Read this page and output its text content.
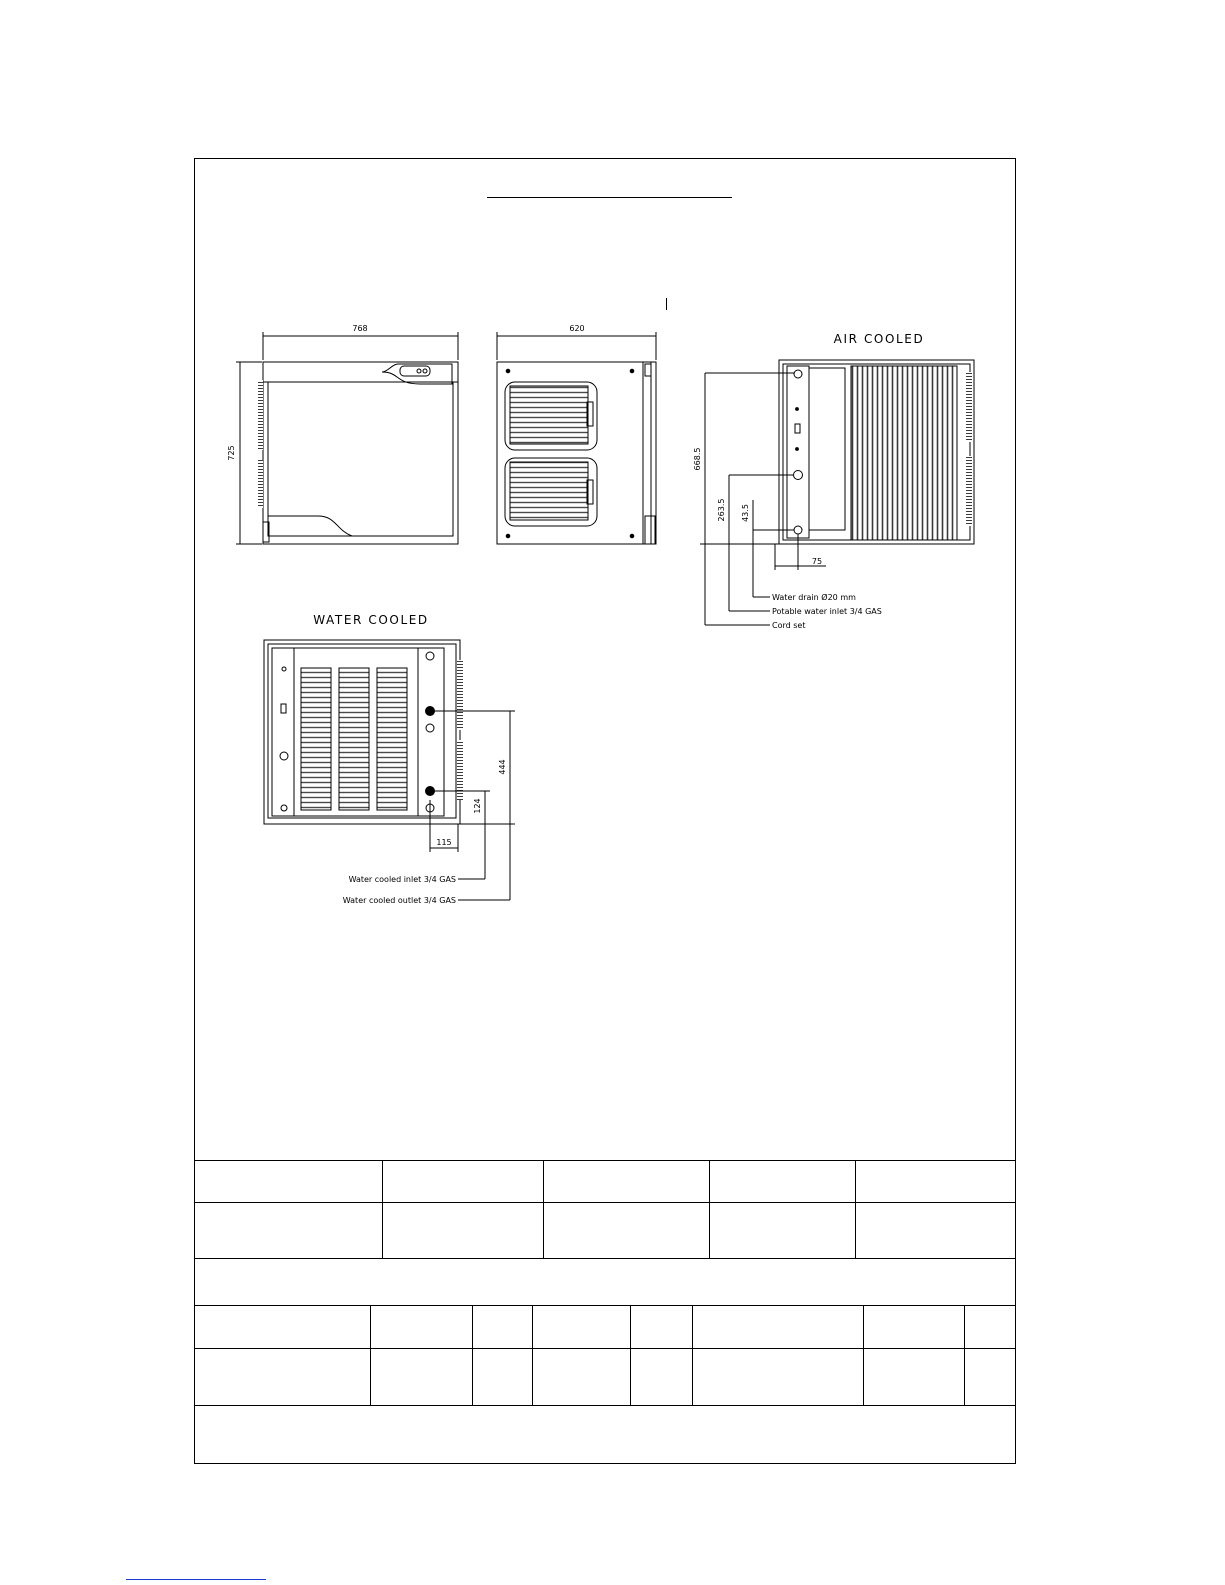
768
725
620
AIR COOLED
668.5
263.5 43.5
75
Water drain Ø20 mm
Potable water inlet 3/4 GAS
Cord set
WATER COOLED
444
124
115
Water cooled inlet 3/4 GAS
Water cooled outlet 3/4 GAS
